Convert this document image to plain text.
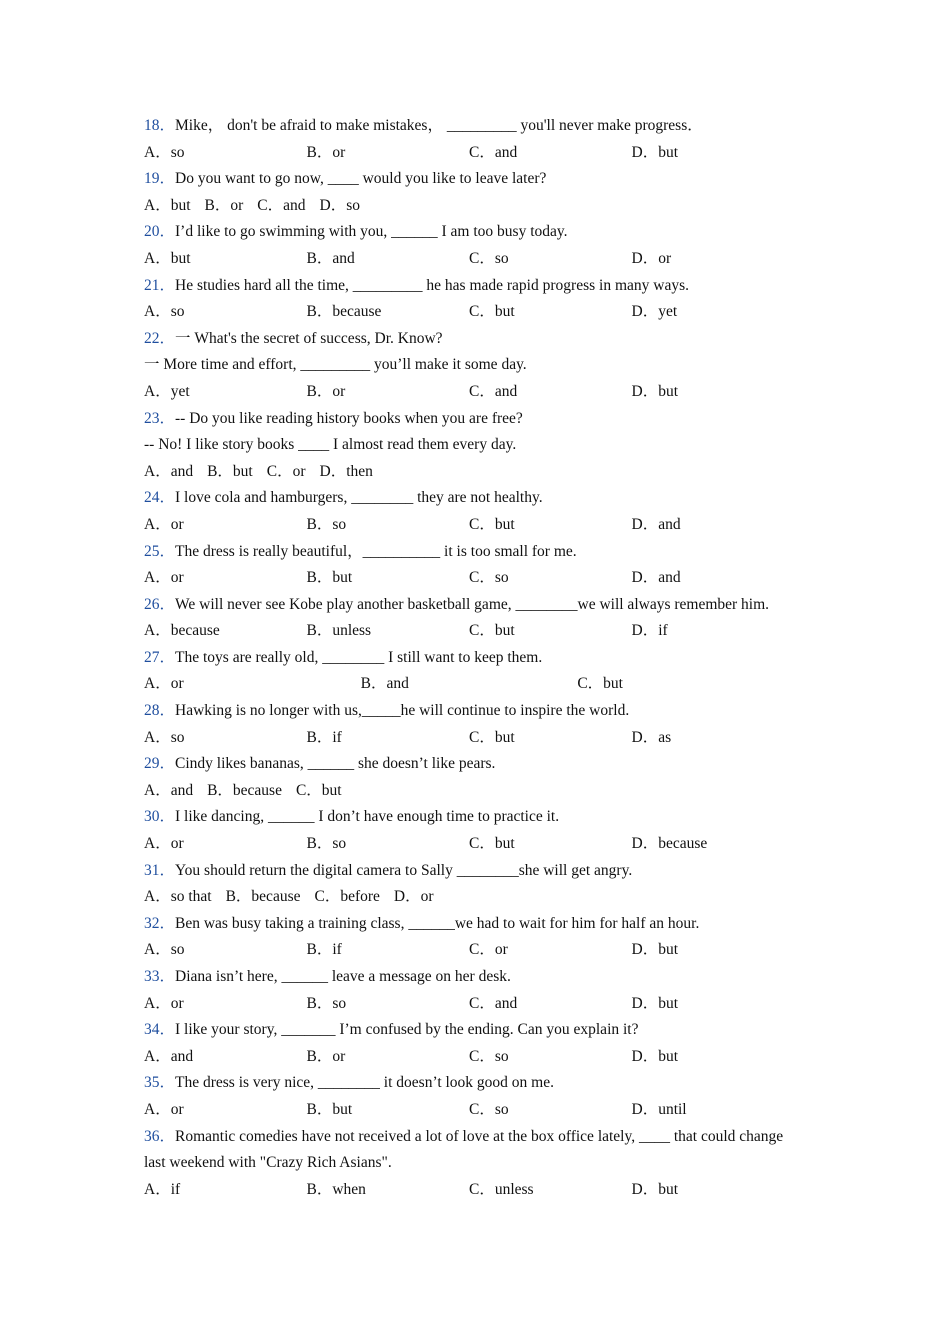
18．Mike， don't be afraid to make mistakes， _________ you'll never make progress．

A．so	B．or	C．and	D．but

19．Do you want to go now, ____ would you like to leave later?

A．but B．or C．and D．so

20．I’d like to go swimming with you, ______ I am too busy today.

A．but	B．and	C．so	D．or

21．He studies hard all the time, _________ he has made rapid progress in many ways.

A．so	B．because	C．but	D．yet

22．一 What's the secret of success, Dr. Know?

一 More time and effort, _________ you’ll make it some day.

A．yet	B．or	C．and	D．but

23．-- Do you like reading history books when you are free?

-- No! I like story books ____ I almost read them every day.

A．and B．but C．or D．then

24．I love cola and hamburgers, ________ they are not healthy.

A．or	B．so	C．but	D．and

25．The dress is really beautiful，__________ it is too small for me.

A．or	B．but	C．so	D．and

26．We will never see Kobe play another basketball game, ________we will always remember him.

A．because	B．unless	C．but	D．if

27．The toys are really old, ________ I still want to keep them.

A．or	B．and	C．but

28．Hawking is no longer with us,_____he will continue to inspire the world.

A．so	B．if	C．but	D．as

29．Cindy likes bananas, ______ she doesn’t like pears.

A．and B．because C．but

30．I like dancing, ______ I don’t have enough time to practice it.

A．or	B．so	C．but	D．because

31．You should return the digital camera to Sally ________she will get angry.

A．so that B．because C．before D．or

32．Ben was busy taking a training class, ______we had to wait for him for half an hour.

A．so	B．if	C．or	D．but

33．Diana isn’t here, ______ leave a message on her desk.

A．or	B．so	C．and	D．but

34．I like your story, _______ I’m confused by the ending. Can you explain it?

A．and	B．or	C．so	D．but

35．The dress is very nice, ________ it doesn’t look good on me.

A．or	B．but	C．so	D．until

36．Romantic comedies have not received a lot of love at the box office lately, ____ that could change last weekend with "Crazy Rich Asians".

A．if	B．when	C．unless	D．but
